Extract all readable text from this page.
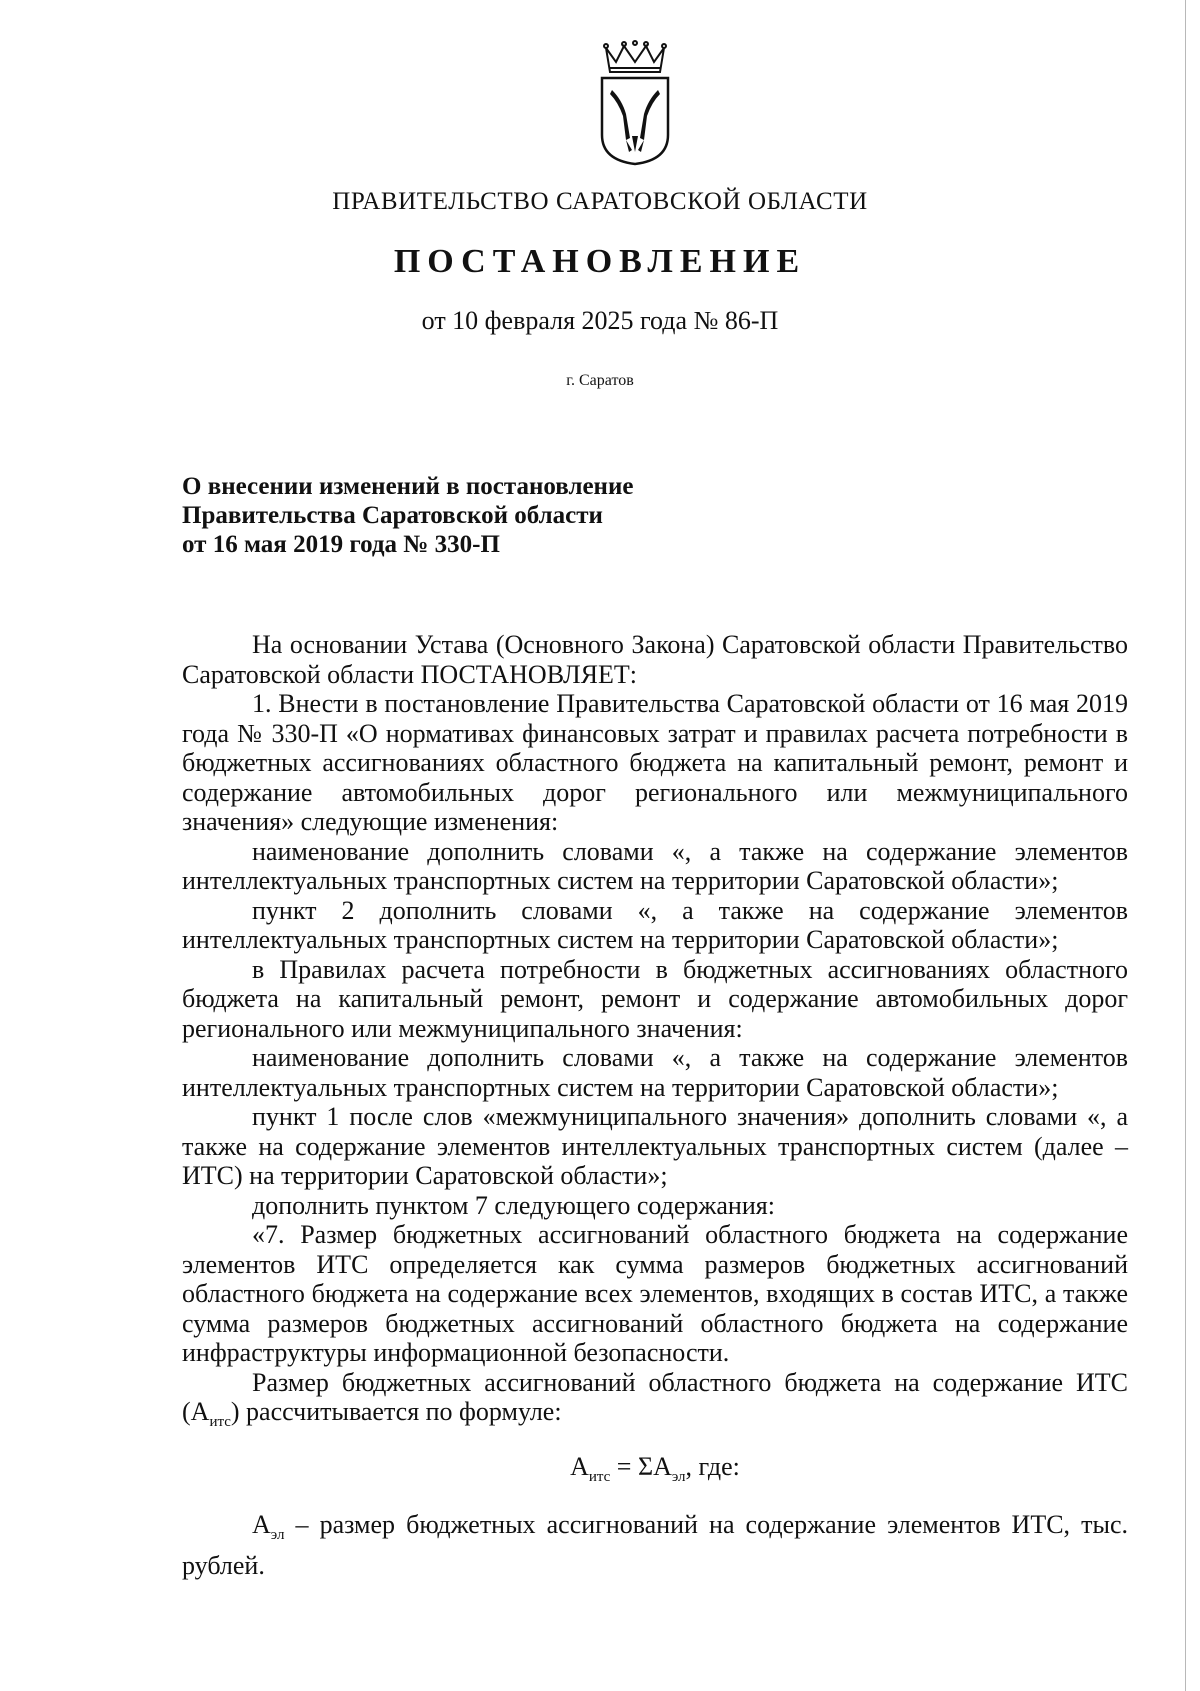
ПРАВИТЕЛЬСТВО САРАТОВСКОЙ ОБЛАСТИ
ПОСТАНОВЛЕНИЕ
от 10 февраля 2025 года № 86-П
г. Саратов
О внесении изменений в постановление
Правительства Саратовской области
от 16 мая 2019 года № 330-П

На основании Устава (Основного Закона) Саратовской области Правительство Саратовской области ПОСТАНОВЛЯЕТ:

1. Внести в постановление Правительства Саратовской области от 16 мая 2019 года № 330-П «О нормативах финансовых затрат и правилах расчета потребности в бюджетных ассигнованиях областного бюджета на капитальный ремонт, ремонт и содержание автомобильных дорог регионального или межмуниципального значения» следующие изменения:

наименование дополнить словами «, а также на содержание элементов интеллектуальных транспортных систем на территории Саратовской области»;

пункт 2 дополнить словами «, а также на содержание элементов интеллектуальных транспортных систем на территории Саратовской области»;

в Правилах расчета потребности в бюджетных ассигнованиях областного бюджета на капитальный ремонт, ремонт и содержание автомобильных дорог регионального или межмуниципального значения:

наименование дополнить словами «, а также на содержание элементов интеллектуальных транспортных систем на территории Саратовской области»;

пункт 1 после слов «межмуниципального значения» дополнить словами «, а также на содержание элементов интеллектуальных транспортных систем (далее – ИТС) на территории Саратовской области»;

дополнить пунктом 7 следующего содержания:

«7. Размер бюджетных ассигнований областного бюджета на содержание элементов ИТС определяется как сумма размеров бюджетных ассигнований областного бюджета на содержание всех элементов, входящих в состав ИТС, а также сумма размеров бюджетных ассигнований областного бюджета на содержание инфраструктуры информационной безопасности.

Размер бюджетных ассигнований областного бюджета на содержание ИТС $(А_{итс})$ рассчитывается по формуле:

$А_{итс} = \Sigma А_{эл}$, где:

$А_{эл}$ – размер бюджетных ассигнований на содержание элементов ИТС, тыс. рублей.
